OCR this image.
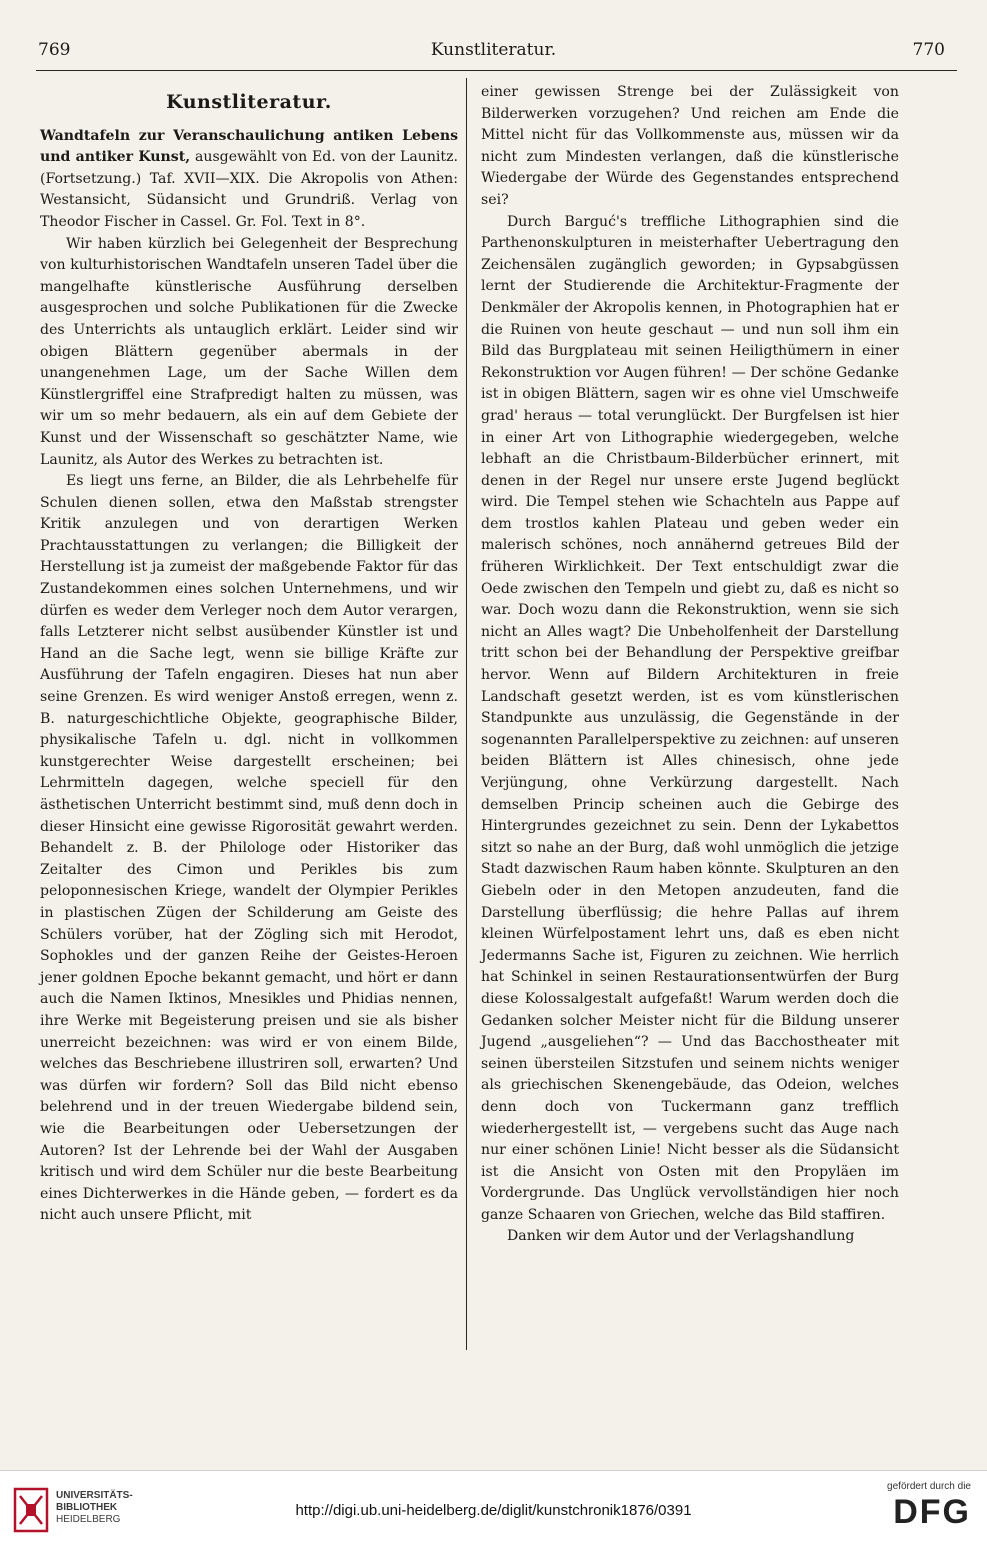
769	Kunstliteratur.	770
Kunstliteratur.

Wandtafeln zur Veranschaulichung antiken Lebens und antiker Kunst, ausgewählt von Ed. von der Launitz. (Fortsetzung.) Taf. XVII—XIX. Die Akropolis von Athen: Westansicht, Südansicht und Grundriß. Verlag von Theodor Fischer in Cassel. Gr. Fol. Text in 8°.

Wir haben kürzlich bei Gelegenheit der Besprechung von kulturhistorischen Wandtafeln unseren Tadel über die mangelhafte künstlerische Ausführung derselben ausgesprochen und solche Publikationen für die Zwecke des Unterrichts als untauglich erklärt. Leider sind wir obigen Blättern gegenüber abermals in der unangenehmen Lage, um der Sache Willen dem Künstlergriffel eine Strafpredigt halten zu müssen, was wir um so mehr bedauern, als ein auf dem Gebiete der Kunst und der Wissenschaft so geschätzter Name, wie Launitz, als Autor des Werkes zu betrachten ist.

Es liegt uns ferne, an Bilder, die als Lehrbehelfe für Schulen dienen sollen, etwa den Maßstab strengster Kritik anzulegen und von derartigen Werken Prachtausstattungen zu verlangen; die Billigkeit der Herstellung ist ja zumeist der maßgebende Faktor für das Zustandekommen eines solchen Unternehmens, und wir dürfen es weder dem Verleger noch dem Autor verargen, falls Letzterer nicht selbst ausübender Künstler ist und Hand an die Sache legt, wenn sie billige Kräfte zur Ausführung der Tafeln engagiren. Dieses hat nun aber seine Grenzen. Es wird weniger Anstoß erregen, wenn z. B. naturgeschichtliche Objekte, geographische Bilder, physikalische Tafeln u. dgl. nicht in vollkommen kunstgerechter Weise dargestellt erscheinen; bei Lehrmitteln dagegen, welche speciell für den ästhetischen Unterricht bestimmt sind, muß denn doch in dieser Hinsicht eine gewisse Rigorosität gewahrt werden. Behandelt z. B. der Philologe oder Historiker das Zeitalter des Cimon und Perikles bis zum peloponnesischen Kriege, wandelt der Olympier Perikles in plastischen Zügen der Schilderung am Geiste des Schülers vorüber, hat der Zögling sich mit Herodot, Sophokles und der ganzen Reihe der Geistes-Heroen jener goldnen Epoche bekannt gemacht, und hört er dann auch die Namen Iktinos, Mnesikles und Phidias nennen, ihre Werke mit Begeisterung preisen und sie als bisher unerreicht bezeichnen: was wird er von einem Bilde, welches das Beschriebene illustriren soll, erwarten? Und was dürfen wir fordern? Soll das Bild nicht ebenso belehrend und in der treuen Wiedergabe bildend sein, wie die Bearbeitungen oder Uebersetzungen der Autoren? Ist der Lehrende bei der Wahl der Ausgaben kritisch und wird dem Schüler nur die beste Bearbeitung eines Dichterwerkes in die Hände geben, — fordert es da nicht auch unsere Pflicht, mit

einer gewissen Strenge bei der Zulässigkeit von Bilderwerken vorzugehen? Und reichen am Ende die Mittel nicht für das Vollkommenste aus, müssen wir da nicht zum Mindesten verlangen, daß die künstlerische Wiedergabe der Würde des Gegenstandes entsprechend sei?

Durch Barguć's treffliche Lithographien sind die Parthenonskulpturen in meisterhafter Uebertragung den Zeichensälen zugänglich geworden; in Gypsabgüssen lernt der Studierende die Architektur-Fragmente der Denkmäler der Akropolis kennen, in Photographien hat er die Ruinen von heute geschaut — und nun soll ihm ein Bild das Burgplateau mit seinen Heiligthümern in einer Rekonstruktion vor Augen führen! — Der schöne Gedanke ist in obigen Blättern, sagen wir es ohne viel Umschweife grad' heraus — total verunglückt. Der Burgfelsen ist hier in einer Art von Lithographie wiedergegeben, welche lebhaft an die Christbaum-Bilderbücher erinnert, mit denen in der Regel nur unsere erste Jugend beglückt wird. Die Tempel stehen wie Schachteln aus Pappe auf dem trostlos kahlen Plateau und geben weder ein malerisch schönes, noch annähernd getreues Bild der früheren Wirklichkeit. Der Text entschuldigt zwar die Oede zwischen den Tempeln und giebt zu, daß es nicht so war. Doch wozu dann die Rekonstruktion, wenn sie sich nicht an Alles wagt? Die Unbeholfenheit der Darstellung tritt schon bei der Behandlung der Perspektive greifbar hervor. Wenn auf Bildern Architekturen in freie Landschaft gesetzt werden, ist es vom künstlerischen Standpunkte aus unzulässig, die Gegenstände in der sogenannten Parallelperspektive zu zeichnen: auf unseren beiden Blättern ist Alles chinesisch, ohne jede Verjüngung, ohne Verkürzung dargestellt. Nach demselben Princip scheinen auch die Gebirge des Hintergrundes gezeichnet zu sein. Denn der Lykabettos sitzt so nahe an der Burg, daß wohl unmöglich die jetzige Stadt dazwischen Raum haben könnte. Skulpturen an den Giebeln oder in den Metopen anzudeuten, fand die Darstellung überflüssig; die hehre Pallas auf ihrem kleinen Würfelpostament lehrt uns, daß es eben nicht Jedermanns Sache ist, Figuren zu zeichnen. Wie herrlich hat Schinkel in seinen Restaurationsentwürfen der Burg diese Kolossalgestalt aufgefaßt! Warum werden doch die Gedanken solcher Meister nicht für die Bildung unserer Jugend „ausgeliehen“? — Und das Bacchostheater mit seinen übersteilen Sitzstufen und seinem nichts weniger als griechischen Skenengebäude, das Odeion, welches denn doch von Tuckermann ganz trefflich wiederhergestellt ist, — vergebens sucht das Auge nach nur einer schönen Linie! Nicht besser als die Südansicht ist die Ansicht von Osten mit den Propyläen im Vordergrunde. Das Unglück vervollständigen hier noch ganze Schaaren von Griechen, welche das Bild staffiren.

Danken wir dem Autor und der Verlagshandlung

UNIVERSITÄTS-
BIBLIOTHEK
HEIDELBERG
http://digi.ub.uni-heidelberg.de/diglit/kunstchronik1876/0391
gefördert durch die
DFG
